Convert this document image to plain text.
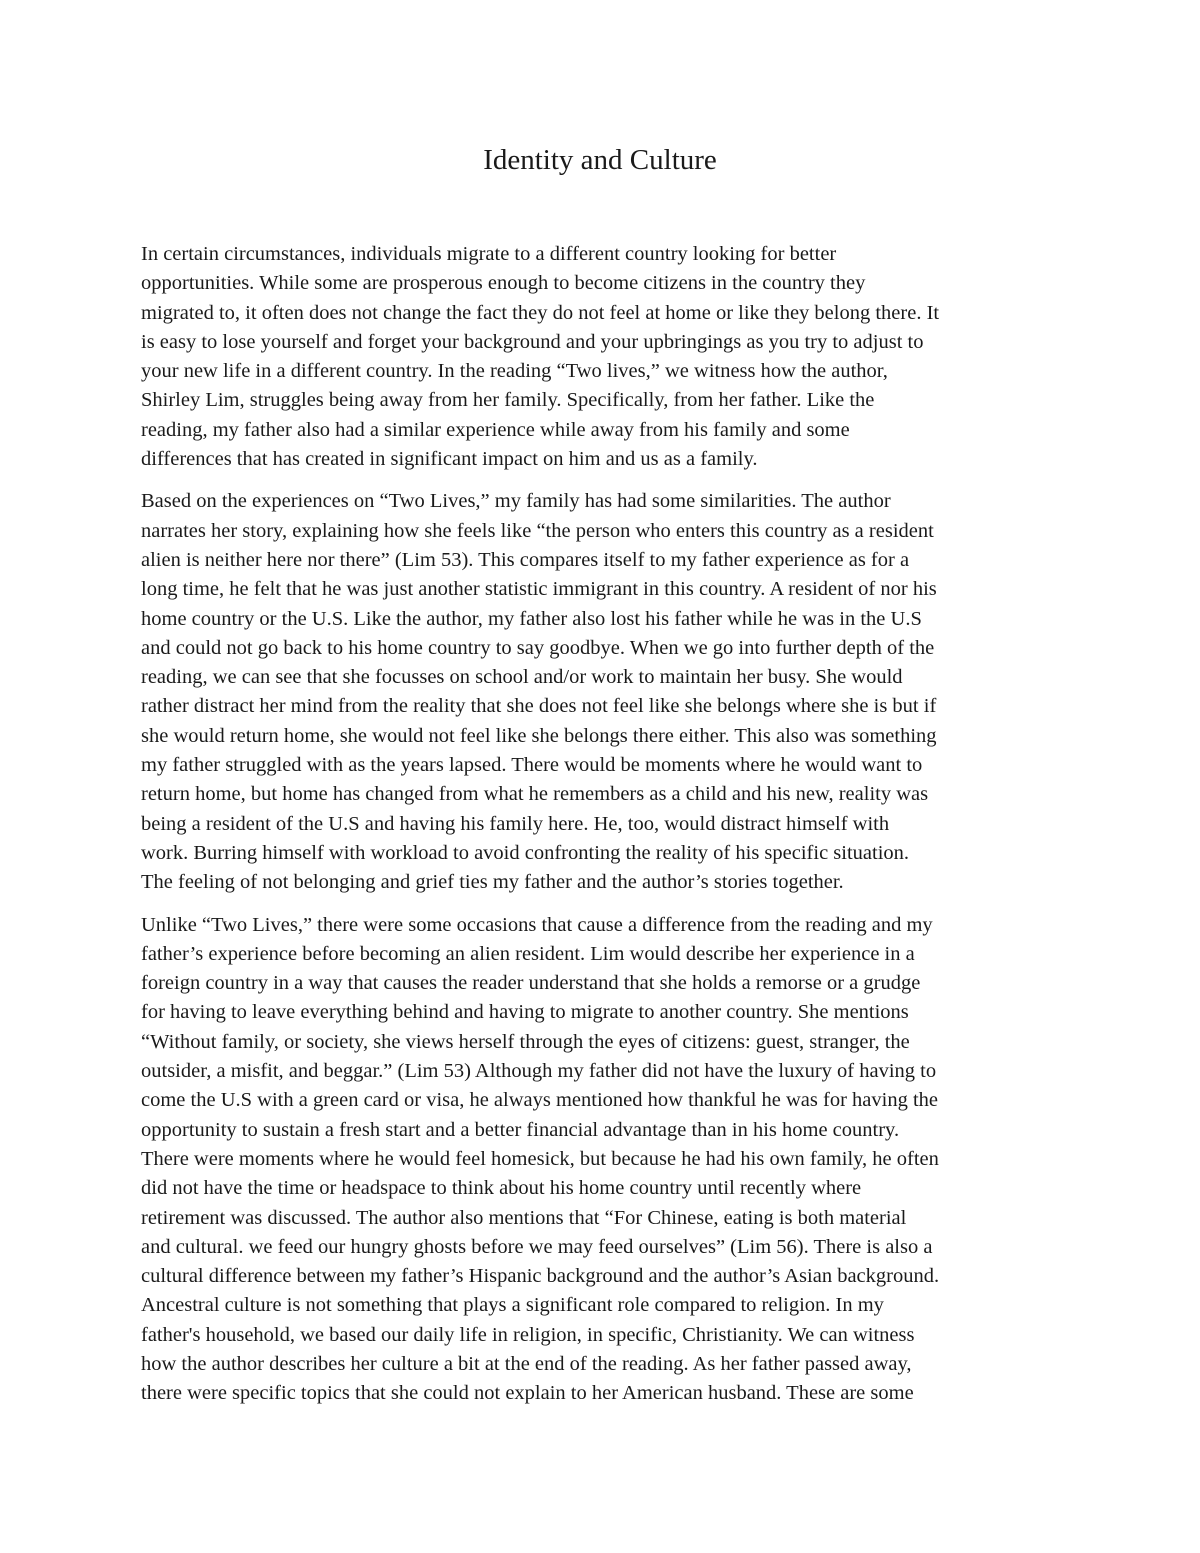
Identity and Culture

In certain circumstances, individuals migrate to a different country looking for better
opportunities. While some are prosperous enough to become citizens in the country they
migrated to, it often does not change the fact they do not feel at home or like they belong there. It
is easy to lose yourself and forget your background and your upbringings as you try to adjust to
your new life in a different country. In the reading “Two lives,” we witness how the author,
Shirley Lim, struggles being away from her family. Specifically, from her father. Like the
reading, my father also had a similar experience while away from his family and some
differences that has created in significant impact on him and us as a family.

Based on the experiences on “Two Lives,” my family has had some similarities. The author
narrates her story, explaining how she feels like “the person who enters this country as a resident
alien is neither here nor there” (Lim 53). This compares itself to my father experience as for a
long time, he felt that he was just another statistic immigrant in this country. A resident of nor his
home country or the U.S. Like the author, my father also lost his father while he was in the U.S
and could not go back to his home country to say goodbye. When we go into further depth of the
reading, we can see that she focusses on school and/or work to maintain her busy. She would
rather distract her mind from the reality that she does not feel like she belongs where she is but if
she would return home, she would not feel like she belongs there either. This also was something
my father struggled with as the years lapsed. There would be moments where he would want to
return home, but home has changed from what he remembers as a child and his new, reality was
being a resident of the U.S and having his family here. He, too, would distract himself with
work. Burring himself with workload to avoid confronting the reality of his specific situation.
The feeling of not belonging and grief ties my father and the author’s stories together.

Unlike “Two Lives,” there were some occasions that cause a difference from the reading and my
father’s experience before becoming an alien resident. Lim would describe her experience in a
foreign country in a way that causes the reader understand that she holds a remorse or a grudge
for having to leave everything behind and having to migrate to another country. She mentions
“Without family, or society, she views herself through the eyes of citizens: guest, stranger, the
outsider, a misfit, and beggar.” (Lim 53) Although my father did not have the luxury of having to
come the U.S with a green card or visa, he always mentioned how thankful he was for having the
opportunity to sustain a fresh start and a better financial advantage than in his home country.
There were moments where he would feel homesick, but because he had his own family, he often
did not have the time or headspace to think about his home country until recently where
retirement was discussed. The author also mentions that “For Chinese, eating is both material
and cultural. we feed our hungry ghosts before we may feed ourselves” (Lim 56). There is also a
cultural difference between my father’s Hispanic background and the author’s Asian background.
Ancestral culture is not something that plays a significant role compared to religion. In my
father's household, we based our daily life in religion, in specific, Christianity. We can witness
how the author describes her culture a bit at the end of the reading. As her father passed away,
there were specific topics that she could not explain to her American husband. These are some
